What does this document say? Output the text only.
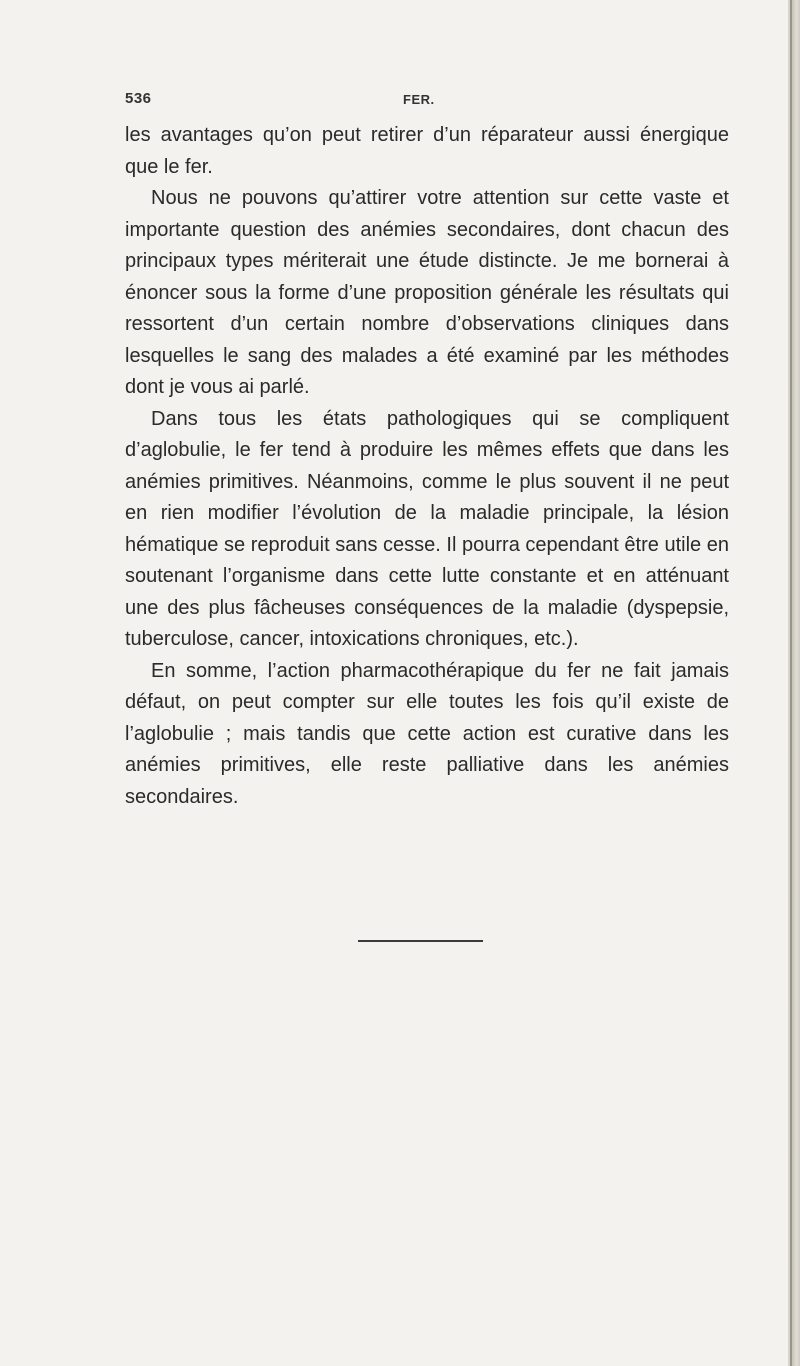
536	FER.

les avantages qu’on peut retirer d’un réparateur aussi énergique que le fer.

Nous ne pouvons qu’attirer votre attention sur cette vaste et importante question des anémies secondaires, dont chacun des principaux types mériterait une étude distincte. Je me bornerai à énoncer sous la forme d’une proposition générale les résultats qui ressortent d’un certain nombre d’observations cliniques dans lesquelles le sang des malades a été examiné par les méthodes dont je vous ai parlé.

Dans tous les états pathologiques qui se compliquent d’aglobulie, le fer tend à produire les mêmes effets que dans les anémies primitives. Néanmoins, comme le plus souvent il ne peut en rien modifier l’évolution de la maladie principale, la lésion hématique se reproduit sans cesse. Il pourra cependant être utile en soutenant l’organisme dans cette lutte constante et en atténuant une des plus fâcheuses conséquences de la maladie (dyspepsie, tuberculose, cancer, intoxications chroniques, etc.).

En somme, l’action pharmacothérapique du fer ne fait jamais défaut, on peut compter sur elle toutes les fois qu’il existe de l’aglobulie ; mais tandis que cette action est curative dans les anémies primitives, elle reste palliative dans les anémies secondaires.
